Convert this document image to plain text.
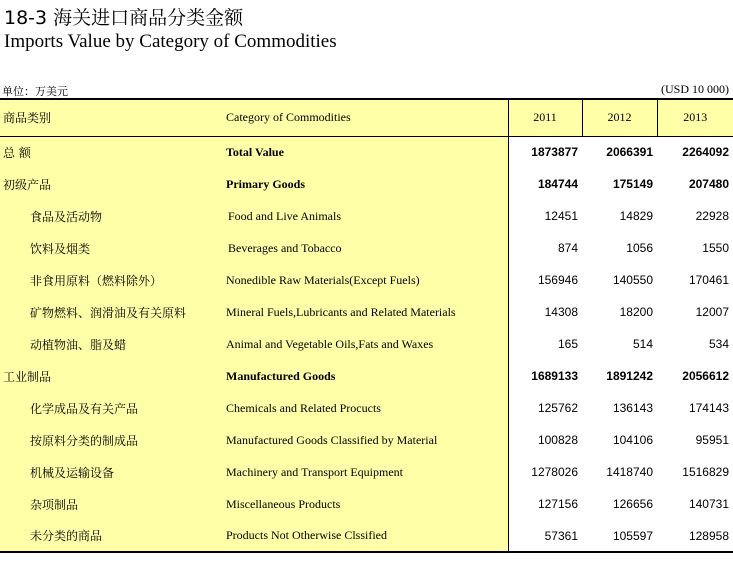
18-3 海关进口商品分类金额
Imports Value by Category of Commodities
单位：万美元	(USD 10 000)
商品类别	Category of Commodities	2011	2012	2013
总 额	Total Value	1873877	2066391	2264092
初级产品	Primary Goods	184744	175149	207480
食品及活动物	Food and Live Animals	12451	14829	22928
饮料及烟类	Beverages and Tobacco	874	1056	1550
非食用原料（燃料除外）	Nonedible Raw Materials(Except Fuels)	156946	140550	170461
矿物燃料、润滑油及有关原料	Mineral Fuels,Lubricants and Related Materials	14308	18200	12007
动植物油、脂及蜡	Animal and Vegetable Oils,Fats and Waxes	165	514	534
工业制品	Manufactured Goods	1689133	1891242	2056612
化学成品及有关产品	Chemicals and Related Procucts	125762	136143	174143
按原料分类的制成品	Manufactured Goods Classified by Material	100828	104106	95951
机械及运输设备	Machinery and Transport Equipment	1278026	1418740	1516829
杂项制品	Miscellaneous Products	127156	126656	140731
未分类的商品	Products Not Otherwise Clssified	57361	105597	128958
